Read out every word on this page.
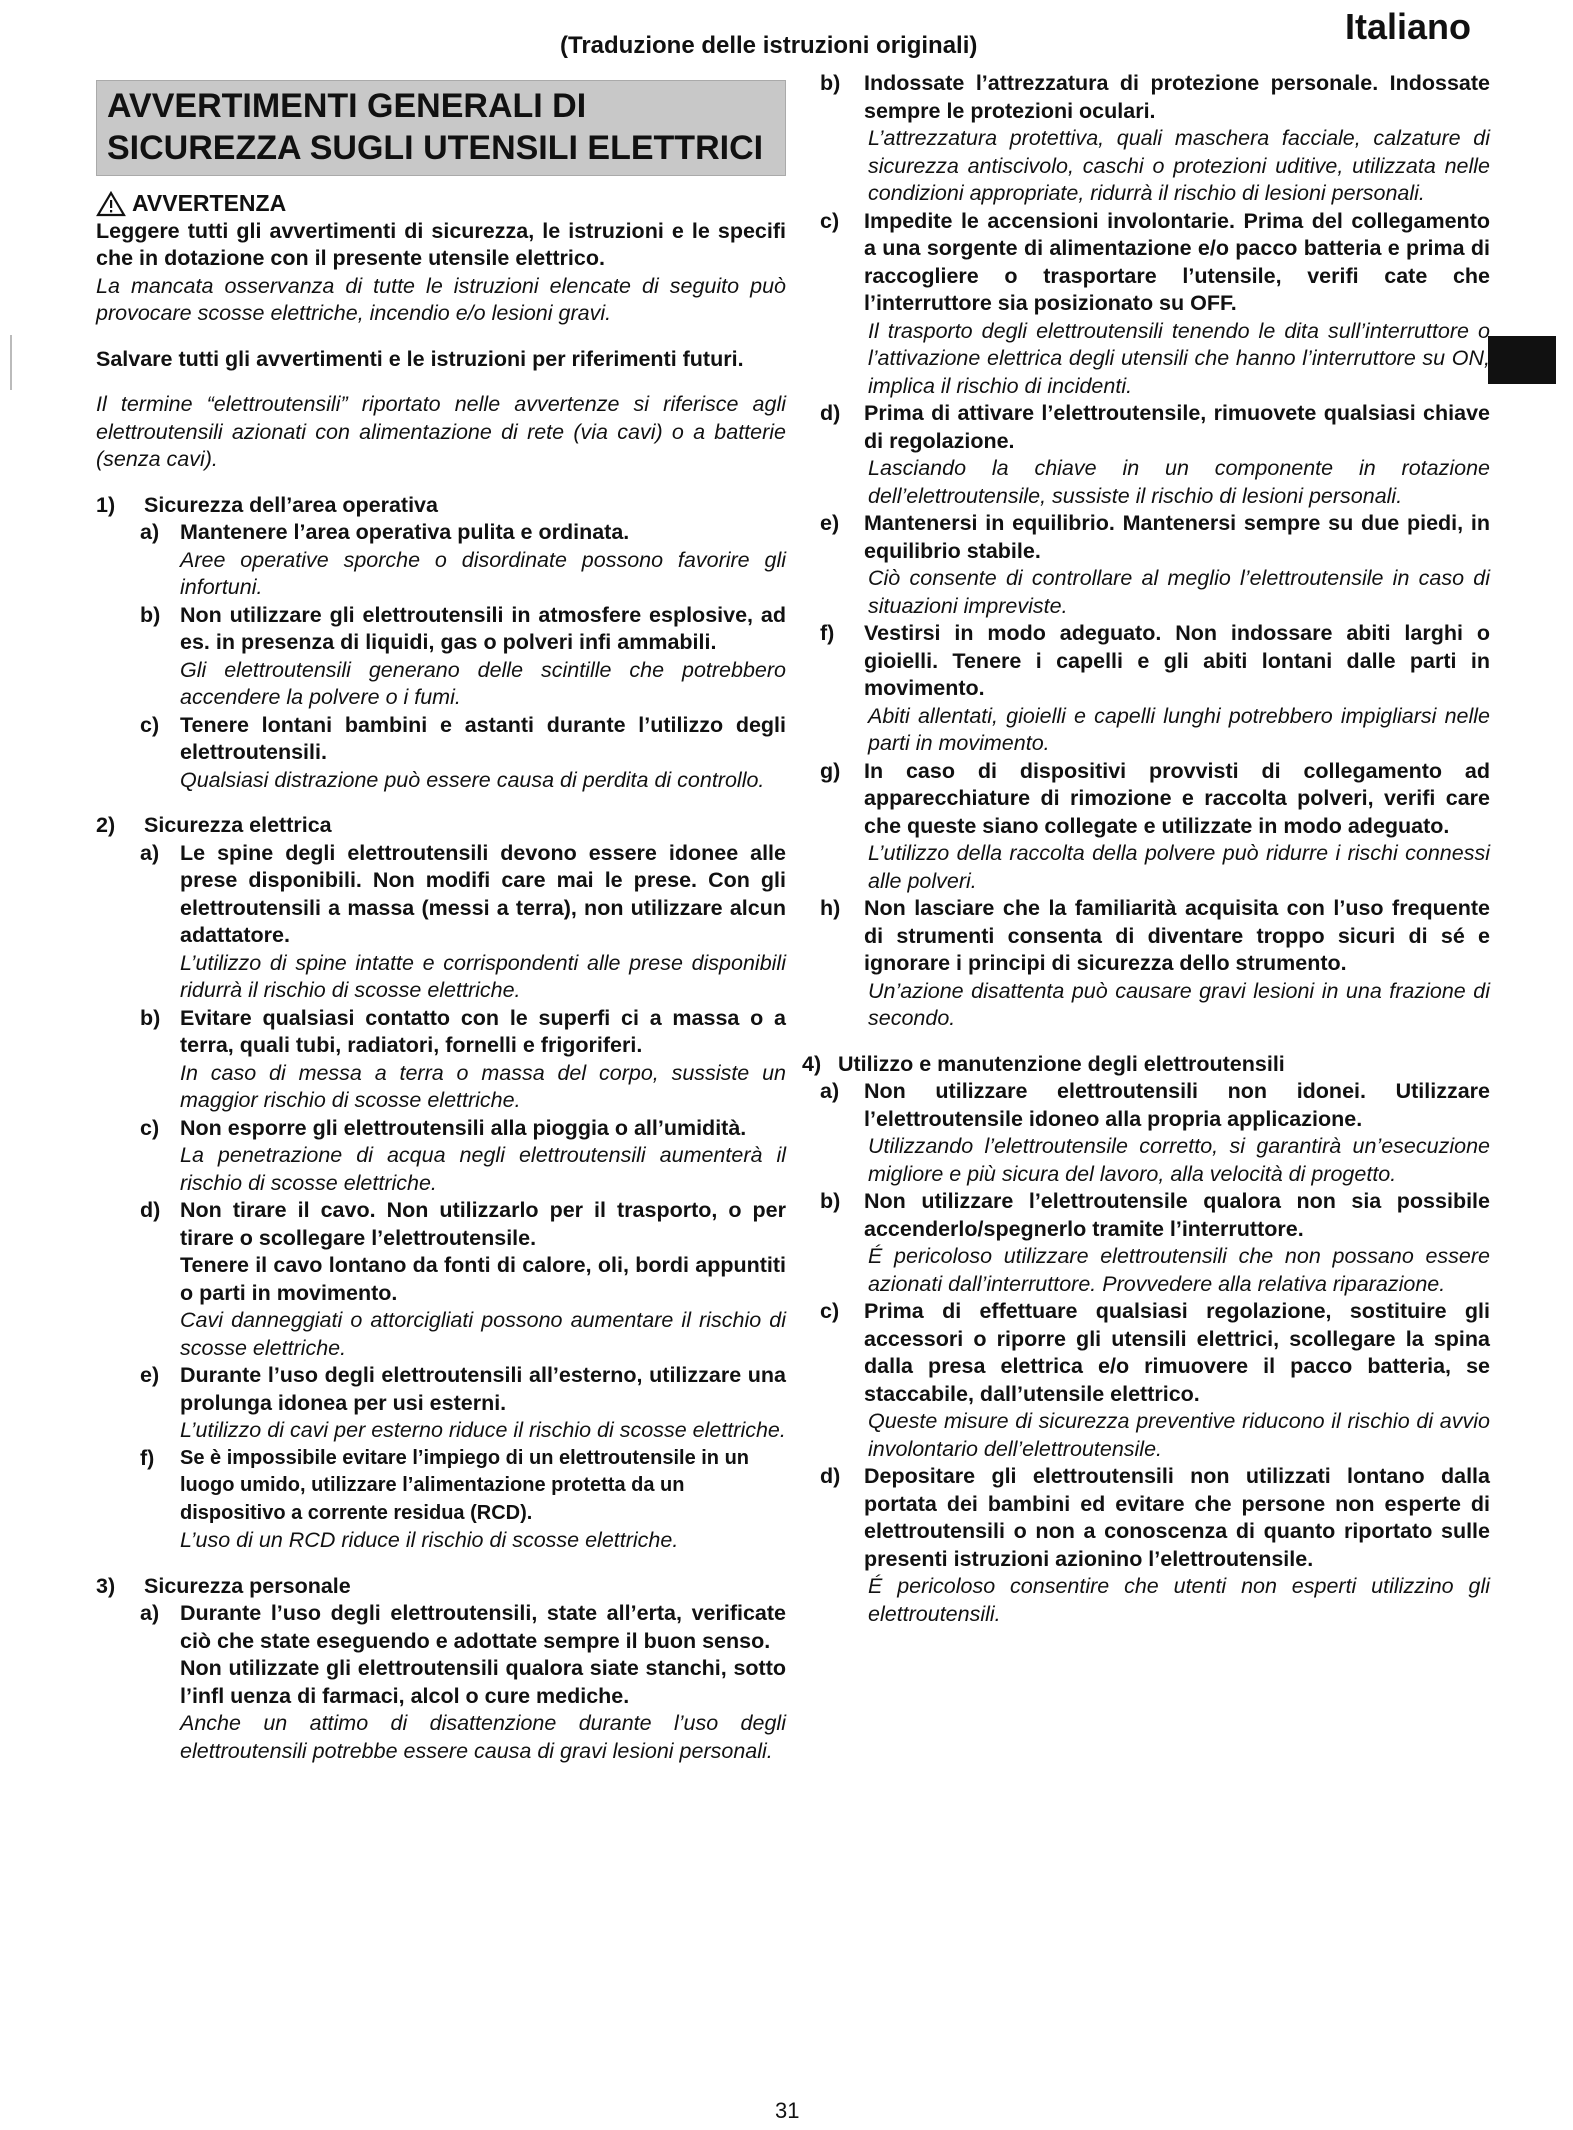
(Traduzione delle istruzioni originali)	Italiano
AVVERTIMENTI GENERALI DI SICUREZZA SUGLI UTENSILI ELETTRICI
AVVERTENZA
Leggere tutti gli avvertimenti di sicurezza, le istruzioni e le specifi che in dotazione con il presente utensile elettrico.
La mancata osservanza di tutte le istruzioni elencate di seguito può provocare scosse elettriche, incendio e/o lesioni gravi.
Salvare tutti gli avvertimenti e le istruzioni per riferimenti futuri.
Il termine “elettroutensili” riportato nelle avvertenze si riferisce agli elettroutensili azionati con alimentazione di rete (via cavi) o a batterie (senza cavi).
1)	Sicurezza dell’area operativa
a) Mantenere l’area operativa pulita e ordinata.
Aree operative sporche o disordinate possono favorire gli infortuni.
b) Non utilizzare gli elettroutensili in atmosfere esplosive, ad es. in presenza di liquidi, gas o polveri infi ammabili.
Gli elettroutensili generano delle scintille che potrebbero accendere la polvere o i fumi.
c) Tenere lontani bambini e astanti durante l’utilizzo degli elettroutensili.
Qualsiasi distrazione può essere causa di perdita di controllo.
2)	Sicurezza elettrica
a) Le spine degli elettroutensili devono essere idonee alle prese disponibili. Non modifi care mai le prese. Con gli elettroutensili a massa (messi a terra), non utilizzare alcun adattatore.
L’utilizzo di spine intatte e corrispondenti alle prese disponibili ridurrà il rischio di scosse elettriche.
b) Evitare qualsiasi contatto con le superfi ci a massa o a terra, quali tubi, radiatori, fornelli e frigoriferi.
In caso di messa a terra o massa del corpo, sussiste un maggior rischio di scosse elettriche.
c) Non esporre gli elettroutensili alla pioggia o all’umidità.
La penetrazione di acqua negli elettroutensili aumenterà il rischio di scosse elettriche.
d) Non tirare il cavo. Non utilizzarlo per il trasporto, o per tirare o scollegare l’elettroutensile.
Tenere il cavo lontano da fonti di calore, oli, bordi appuntiti o parti in movimento.
Cavi danneggiati o attorcigliati possono aumentare il rischio di scosse elettriche.
e) Durante l’uso degli elettroutensili all’esterno, utilizzare una prolunga idonea per usi esterni.
L’utilizzo di cavi per esterno riduce il rischio di scosse elettriche.
f)	Se è impossibile evitare l’impiego di un elettroutensile in un luogo umido, utilizzare l’alimentazione protetta da un dispositivo a corrente residua (RCD).
L’uso di un RCD riduce il rischio di scosse elettriche.
3)	Sicurezza personale
a) Durante l’uso degli elettroutensili, state all’erta, verificate ciò che state eseguendo e adottate sempre il buon senso.
Non utilizzate gli elettroutensili qualora siate stanchi, sotto l’infl uenza di farmaci, alcol o cure mediche.
Anche un attimo di disattenzione durante l’uso degli elettroutensili potrebbe essere causa di gravi lesioni personali.
b)	Indossate l’attrezzatura di protezione personale. Indossate sempre le protezioni oculari.
L’attrezzatura protettiva, quali maschera facciale, calzature di sicurezza antiscivolo, caschi o protezioni uditive, utilizzata nelle condizioni appropriate, ridurrà il rischio di lesioni personali.
c)	Impedite le accensioni involontarie. Prima del collegamento a una sorgente di alimentazione e/o pacco batteria e prima di raccogliere o trasportare l’utensile, verifi cate che l’interruttore sia posizionato su OFF.
Il trasporto degli elettroutensili tenendo le dita sull’interruttore o l’attivazione elettrica degli utensili che hanno l’interruttore su ON, implica il rischio di incidenti.
d)	Prima di attivare l’elettroutensile, rimuovete qualsiasi chiave di regolazione.
Lasciando la chiave in un componente in rotazione dell’elettroutensile, sussiste il rischio di lesioni personali.
e)	Mantenersi in equilibrio. Mantenersi sempre su due piedi, in equilibrio stabile.
Ciò consente di controllare al meglio l’elettroutensile in caso di situazioni impreviste.
f)	Vestirsi in modo adeguato. Non indossare abiti larghi o gioielli. Tenere i capelli e gli abiti lontani dalle parti in movimento.
Abiti allentati, gioielli e capelli lunghi potrebbero impigliarsi nelle parti in movimento.
g)	In caso di dispositivi provvisti di collegamento ad apparecchiature di rimozione e raccolta polveri, verifi care che queste siano collegate e utilizzate in modo adeguato.
L’utilizzo della raccolta della polvere può ridurre i rischi connessi alle polveri.
h)	Non lasciare che la familiarità acquisita con l’uso frequente di strumenti consenta di diventare troppo sicuri di sé e ignorare i principi di sicurezza dello strumento.
Un’azione disattenta può causare gravi lesioni in una frazione di secondo.
4) Utilizzo e manutenzione degli elettroutensili
a)	Non utilizzare elettroutensili non idonei. Utilizzare l’elettroutensile idoneo alla propria applicazione.
Utilizzando l’elettroutensile corretto, si garantirà un’esecuzione migliore e più sicura del lavoro, alla velocità di progetto.
b)	Non utilizzare l’elettroutensile qualora non sia possibile accenderlo/spegnerlo tramite l’interruttore.
É pericoloso utilizzare elettroutensili che non possano essere azionati dall’interruttore. Provvedere alla relativa riparazione.
c)	Prima di effettuare qualsiasi regolazione, sostituire gli accessori o riporre gli utensili elettrici, scollegare la spina dalla presa elettrica e/o rimuovere il pacco batteria, se staccabile, dall’utensile elettrico.
Queste misure di sicurezza preventive riducono il rischio di avvio involontario dell’elettroutensile.
d)	Depositare gli elettroutensili non utilizzati lontano dalla portata dei bambini ed evitare che persone non esperte di elettroutensili o non a conoscenza di quanto riportato sulle presenti istruzioni azionino l’elettroutensile.
É pericoloso consentire che utenti non esperti utilizzino gli elettroutensili.
31
